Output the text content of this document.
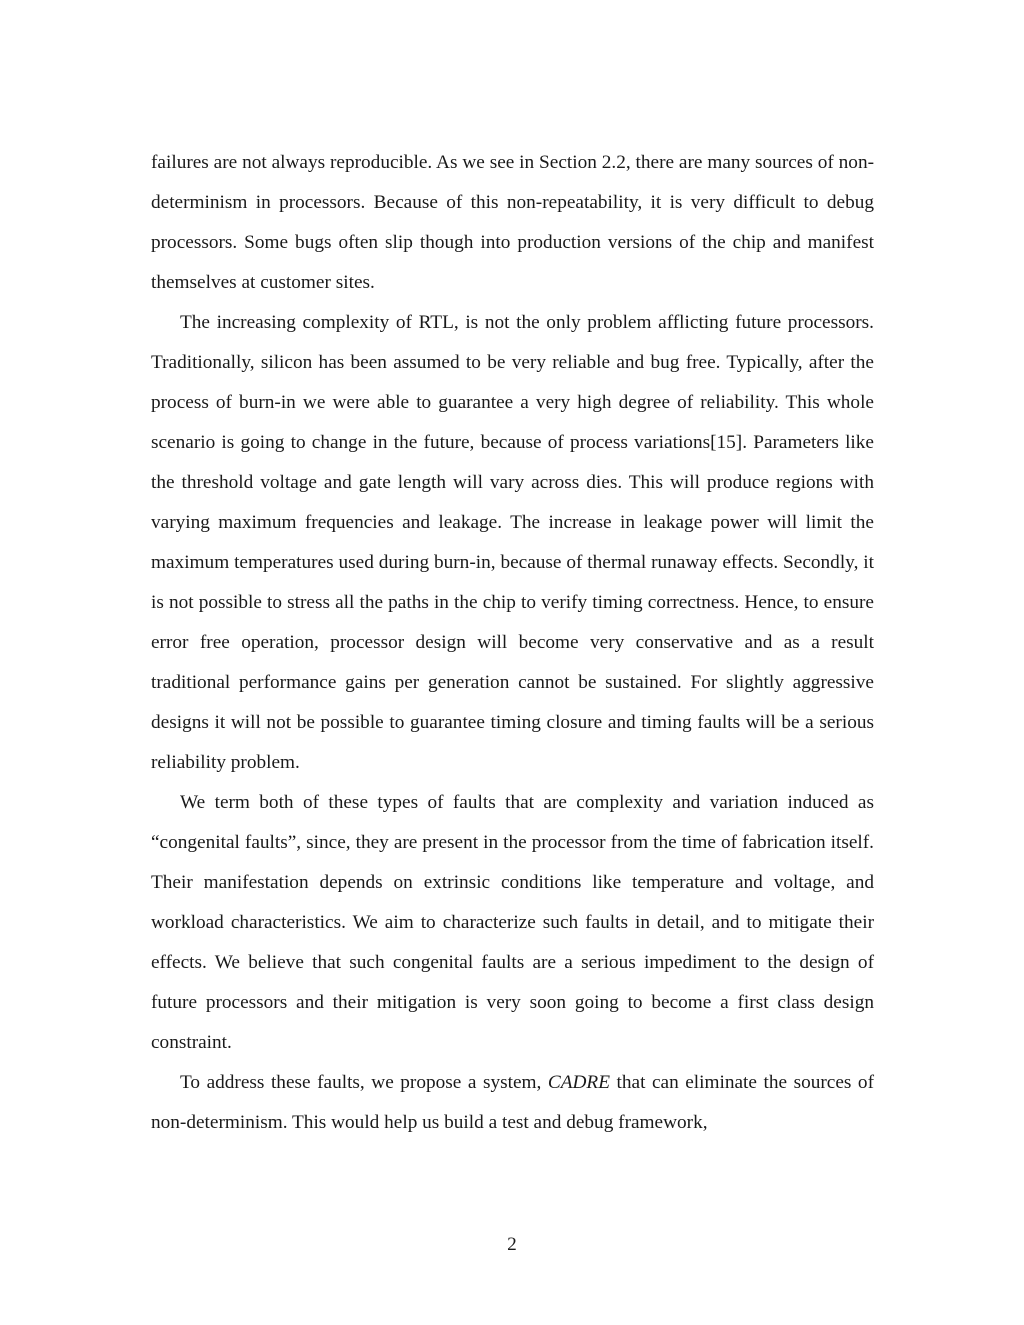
failures are not always reproducible. As we see in Section 2.2, there are many sources of non-determinism in processors. Because of this non-repeatability, it is very difficult to debug processors. Some bugs often slip though into production versions of the chip and manifest themselves at customer sites.

The increasing complexity of RTL, is not the only problem afflicting future processors. Traditionally, silicon has been assumed to be very reliable and bug free. Typically, after the process of burn-in we were able to guarantee a very high degree of reliability. This whole scenario is going to change in the future, because of process variations[15]. Parameters like the threshold voltage and gate length will vary across dies. This will produce regions with varying maximum frequencies and leakage. The increase in leakage power will limit the maximum temperatures used during burn-in, because of thermal runaway effects. Secondly, it is not possible to stress all the paths in the chip to verify timing correctness. Hence, to ensure error free operation, processor design will become very conservative and as a result traditional performance gains per generation cannot be sustained. For slightly aggressive designs it will not be possible to guarantee timing closure and timing faults will be a serious reliability problem.

We term both of these types of faults that are complexity and variation induced as “congenital faults”, since, they are present in the processor from the time of fabrication itself. Their manifestation depends on extrinsic conditions like temperature and voltage, and workload characteristics. We aim to characterize such faults in detail, and to mitigate their effects. We believe that such congenital faults are a serious impediment to the design of future processors and their mitigation is very soon going to become a first class design constraint.

To address these faults, we propose a system, CADRE that can eliminate the sources of non-determinism. This would help us build a test and debug framework,

2
